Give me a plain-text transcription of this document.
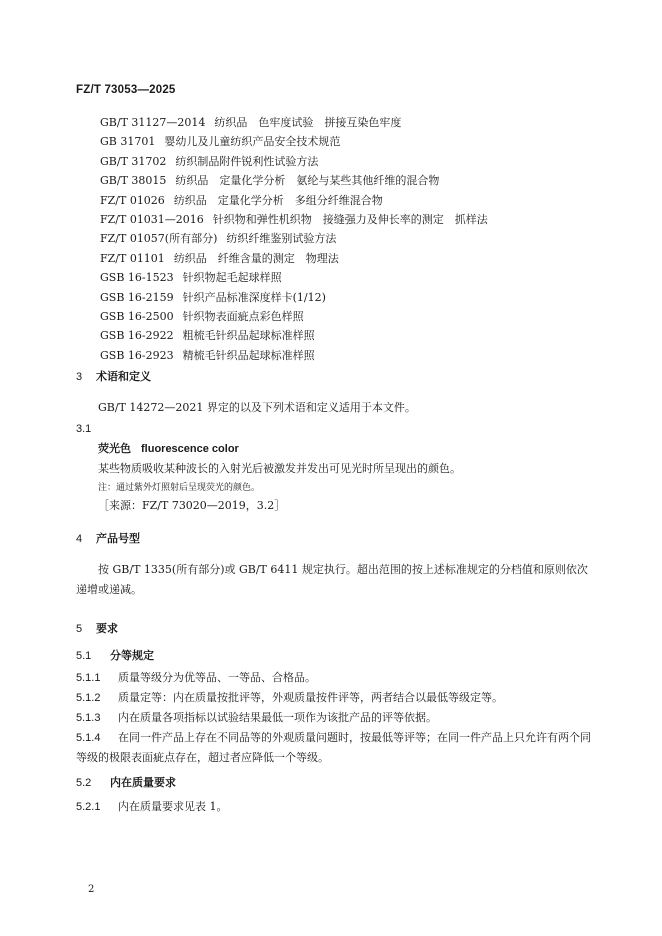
FZ/T 73053—2025
GB/T 31127—2014 纺织品　色牢度试验　拼接互染色牢度
GB 31701 婴幼儿及儿童纺织产品安全技术规范
GB/T 31702 纺织制品附件锐利性试验方法
GB/T 38015 纺织品　定量化学分析　氨纶与某些其他纤维的混合物
FZ/T 01026 纺织品　定量化学分析　多组分纤维混合物
FZ/T 01031—2016 针织物和弹性机织物　接缝强力及伸长率的测定　抓样法
FZ/T 01057(所有部分) 纺织纤维鉴别试验方法
FZ/T 01101 纺织品　纤维含量的测定　物理法
GSB 16-1523 针织物起毛起球样照
GSB 16-2159 针织产品标准深度样卡(1/12)
GSB 16-2500 针织物表面疵点彩色样照
GSB 16-2922 粗梳毛针织品起球标准样照
GSB 16-2923 精梳毛针织品起球标准样照
3 术语和定义
GB/T 14272—2021 界定的以及下列术语和定义适用于本文件。
3.1
荧光色 fluorescence color
某些物质吸收某种波长的入射光后被激发并发出可见光时所呈现出的颜色。
注：通过紫外灯照射后呈现荧光的颜色。
［来源：FZ/T 73020—2019，3.2］
4 产品号型
按 GB/T 1335(所有部分)或 GB/T 6411 规定执行。超出范围的按上述标准规定的分档值和原则依次递增或递减。
5 要求
5.1 分等规定
5.1.1 质量等级分为优等品、一等品、合格品。
5.1.2 质量定等：内在质量按批评等，外观质量按件评等，两者结合以最低等级定等。
5.1.3 内在质量各项指标以试验结果最低一项作为该批产品的评等依据。
5.1.4 在同一件产品上存在不同品等的外观质量问题时，按最低等评等；在同一件产品上只允许有两个同等级的极限表面疵点存在，超过者应降低一个等级。
5.2 内在质量要求
5.2.1 内在质量要求见表 1。
2
